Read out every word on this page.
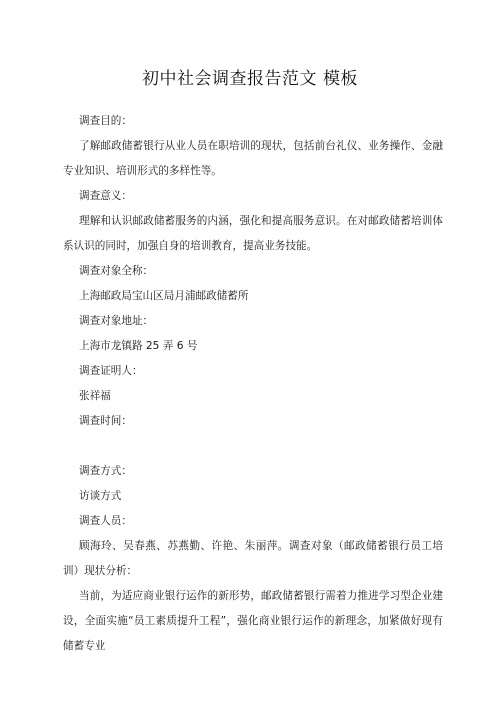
初中社会调查报告范文 模板

调查目的：

了解邮政储蓄银行从业人员在职培训的现状，包括前台礼仪、业务操作、金融专业知识、培训形式的多样性等。

调查意义：

理解和认识邮政储蓄服务的内涵，强化和提高服务意识。在对邮政储蓄培训体系认识的同时，加强自身的培训教育，提高业务技能。

调查对象全称：

上海邮政局宝山区局月浦邮政储蓄所

调查对象地址：

上海市龙镇路 25 弄 6 号

调查证明人：

张祥福

调查时间：

调查方式：

访谈方式

调查人员：

顾海玲、吴春燕、苏燕勤、许艳、朱丽萍。调查对象（邮政储蓄银行员工培训）现状分析：

当前，为适应商业银行运作的新形势，邮政储蓄银行需着力推进学习型企业建设，全面实施“员工素质提升工程”，强化商业银行运作的新理念，加紧做好现有储蓄专业
